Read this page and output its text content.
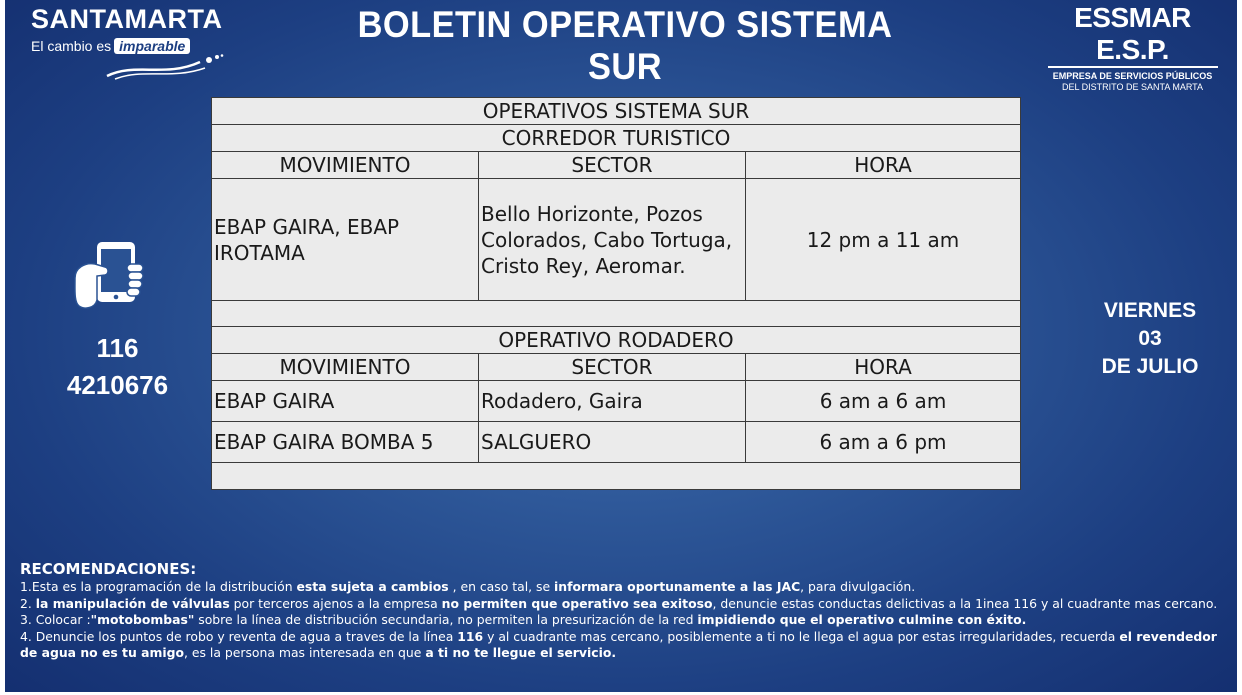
SANTAMARTA
El cambio es imparable
BOLETIN OPERATIVO SISTEMA SUR
ESSMAR E.S.P.
EMPRESA DE SERVICIOS PÚBLICOS
DEL DISTRITO DE SANTA MARTA
116
4210676
VIERNES
03
DE JULIO
OPERATIVOS SISTEMA SUR		
CORREDOR TURISTICO		
MOVIMIENTO	SECTOR	HORA
EBAP GAIRA, EBAP IROTAMA	Bello Horizonte, Pozos Colorados, Cabo Tortuga, Cristo Rey, Aeromar.	12 pm a 11 am

OPERATIVO RODADERO		
MOVIMIENTO	SECTOR	HORA
EBAP GAIRA	Rodadero, Gaira	6 am a 6 am
EBAP GAIRA BOMBA 5	SALGUERO	6 am a 6 pm

RECOMENDACIONES:
1.Esta es la programación de la distribución esta sujeta a cambios , en caso tal, se informara oportunamente a las JAC, para divulgación.
2. la manipulación de válvulas por terceros ajenos a la empresa no permiten que operativo sea exitoso, denuncie estas conductas delictivas a la 1inea 116 y al cuadrante mas cercano.
3. Colocar :"motobombas" sobre la línea de distribución secundaria, no permiten la presurización de la red impidiendo que el operativo culmine con éxito.
4. Denuncie los puntos de robo y reventa de agua a traves de la línea 116 y al cuadrante mas cercano, posiblemente a ti no le llega el agua por estas irregularidades, recuerda el revendedor de agua no es tu amigo, es la persona mas interesada en que a ti no te llegue el servicio.
